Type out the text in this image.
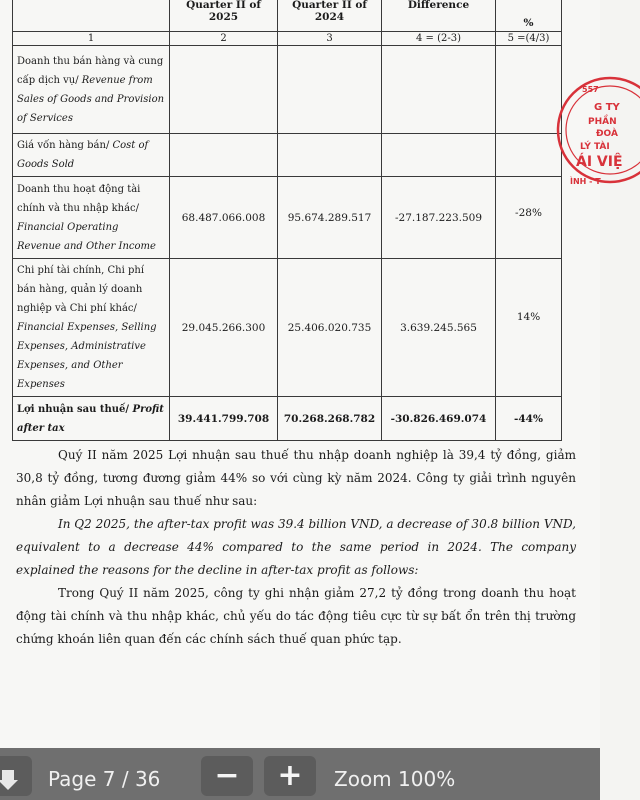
	Quarter II of 2025	Quarter II of 2024	Difference	%
1	2	3	4 = (2-3)	5 =(4/3)
Doanh thu bán hàng và cung cấp dịch vụ/ Revenue from Sales of Goods and Provision of Services				
Giá vốn hàng bán/ Cost of Goods Sold				
Doanh thu hoạt động tài chính và thu nhập khác/ Financial Operating Revenue and Other Income	68.487.066.008	95.674.289.517	-27.187.223.509	-28%
Chi phí tài chính, Chi phí bán hàng, quản lý doanh nghiệp và Chi phí khác/ Financial Expenses, Selling Expenses, Administrative Expenses, and Other Expenses	29.045.266.300	25.406.020.735	3.639.245.565	14%
Lợi nhuận sau thuế/ Profit after tax	39.441.799.708	70.268.268.782	-30.826.469.074	-44%
557
G TY
PHẦN
ĐOÀ
LÝ TÀI
ÁI VIỆ
ÌNH - T
Quý II năm 2025 Lợi nhuận sau thuế thu nhập doanh nghiệp là 39,4 tỷ đồng, giảm 30,8 tỷ đồng, tương đương giảm 44% so với cùng kỳ năm 2024. Công ty giải trình nguyên nhân giảm Lợi nhuận sau thuế như sau:
In Q2 2025, the after-tax profit was 39.4 billion VND, a decrease of 30.8 billion VND, equivalent to a decrease 44% compared to the same period in 2024. The company explained the reasons for the decline in after-tax profit as follows:
Trong Quý II năm 2025, công ty ghi nhận giảm 27,2 tỷ đồng trong doanh thu hoạt động tài chính và thu nhập khác, chủ yếu do tác động tiêu cực từ sự bất ổn trên thị trường chứng khoán liên quan đến các chính sách thuế quan phức tạp.
Page 7 / 36	−	+	Zoom 100%
